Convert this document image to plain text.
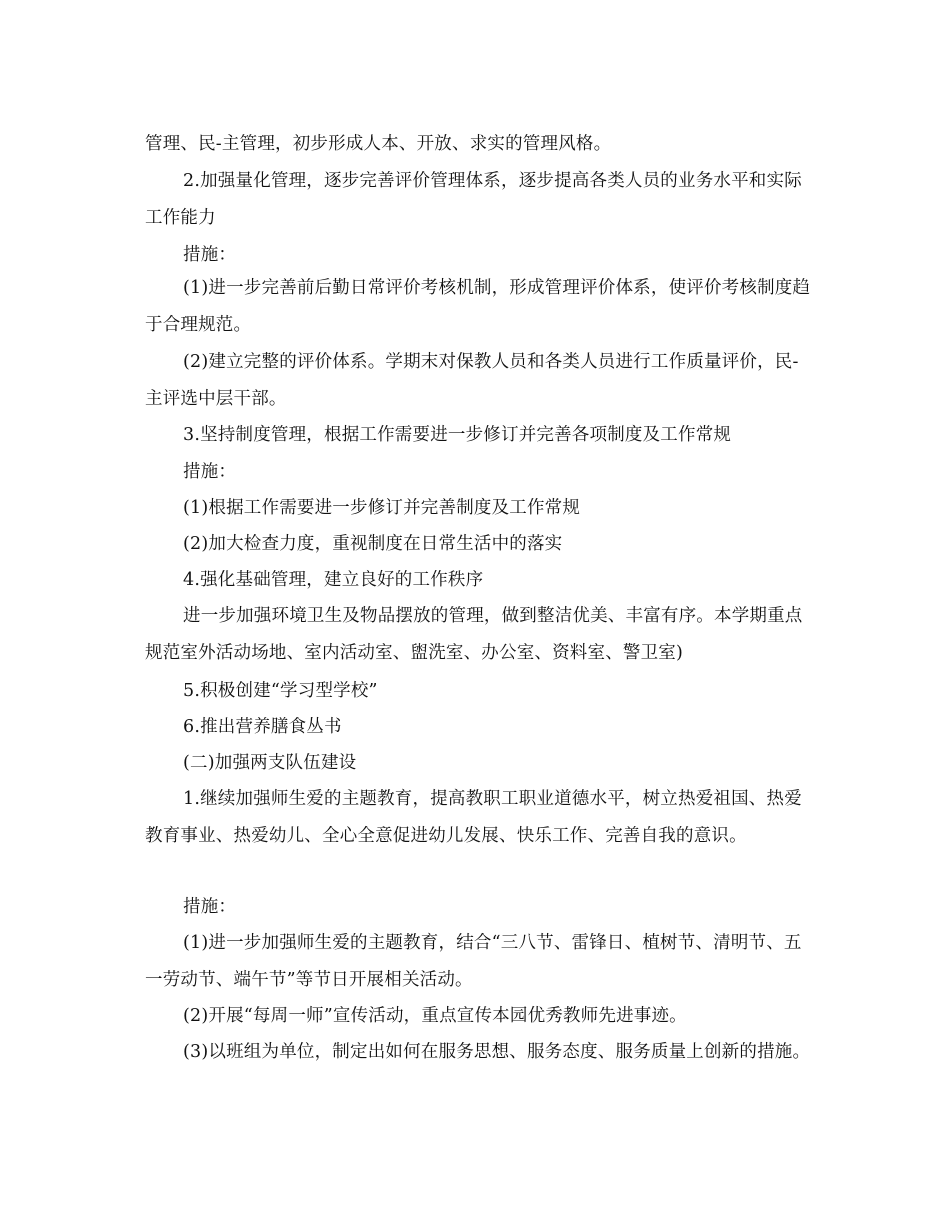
管理、民-主管理，初步形成人本、开放、求实的管理风格。

2.加强量化管理，逐步完善评价管理体系，逐步提高各类人员的业务水平和实际工作能力

措施：

(1)进一步完善前后勤日常评价考核机制，形成管理评价体系，使评价考核制度趋于合理规范。

(2)建立完整的评价体系。学期末对保教人员和各类人员进行工作质量评价，民-主评选中层干部。

3.坚持制度管理，根据工作需要进一步修订并完善各项制度及工作常规

措施：

(1)根据工作需要进一步修订并完善制度及工作常规

(2)加大检查力度，重视制度在日常生活中的落实

4.强化基础管理，建立良好的工作秩序

进一步加强环境卫生及物品摆放的管理，做到整洁优美、丰富有序。本学期重点规范室外活动场地、室内活动室、盥洗室、办公室、资料室、警卫室)

5.积极创建“学习型学校”

6.推出营养膳食丛书

(二)加强两支队伍建设

1.继续加强师生爱的主题教育，提高教职工职业道德水平，树立热爱祖国、热爱教育事业、热爱幼儿、全心全意促进幼儿发展、快乐工作、完善自我的意识。

措施：

(1)进一步加强师生爱的主题教育，结合“三八节、雷锋日、植树节、清明节、五一劳动节、端午节”等节日开展相关活动。

(2)开展“每周一师”宣传活动，重点宣传本园优秀教师先进事迹。

(3)以班组为单位，制定出如何在服务思想、服务态度、服务质量上创新的措施。
